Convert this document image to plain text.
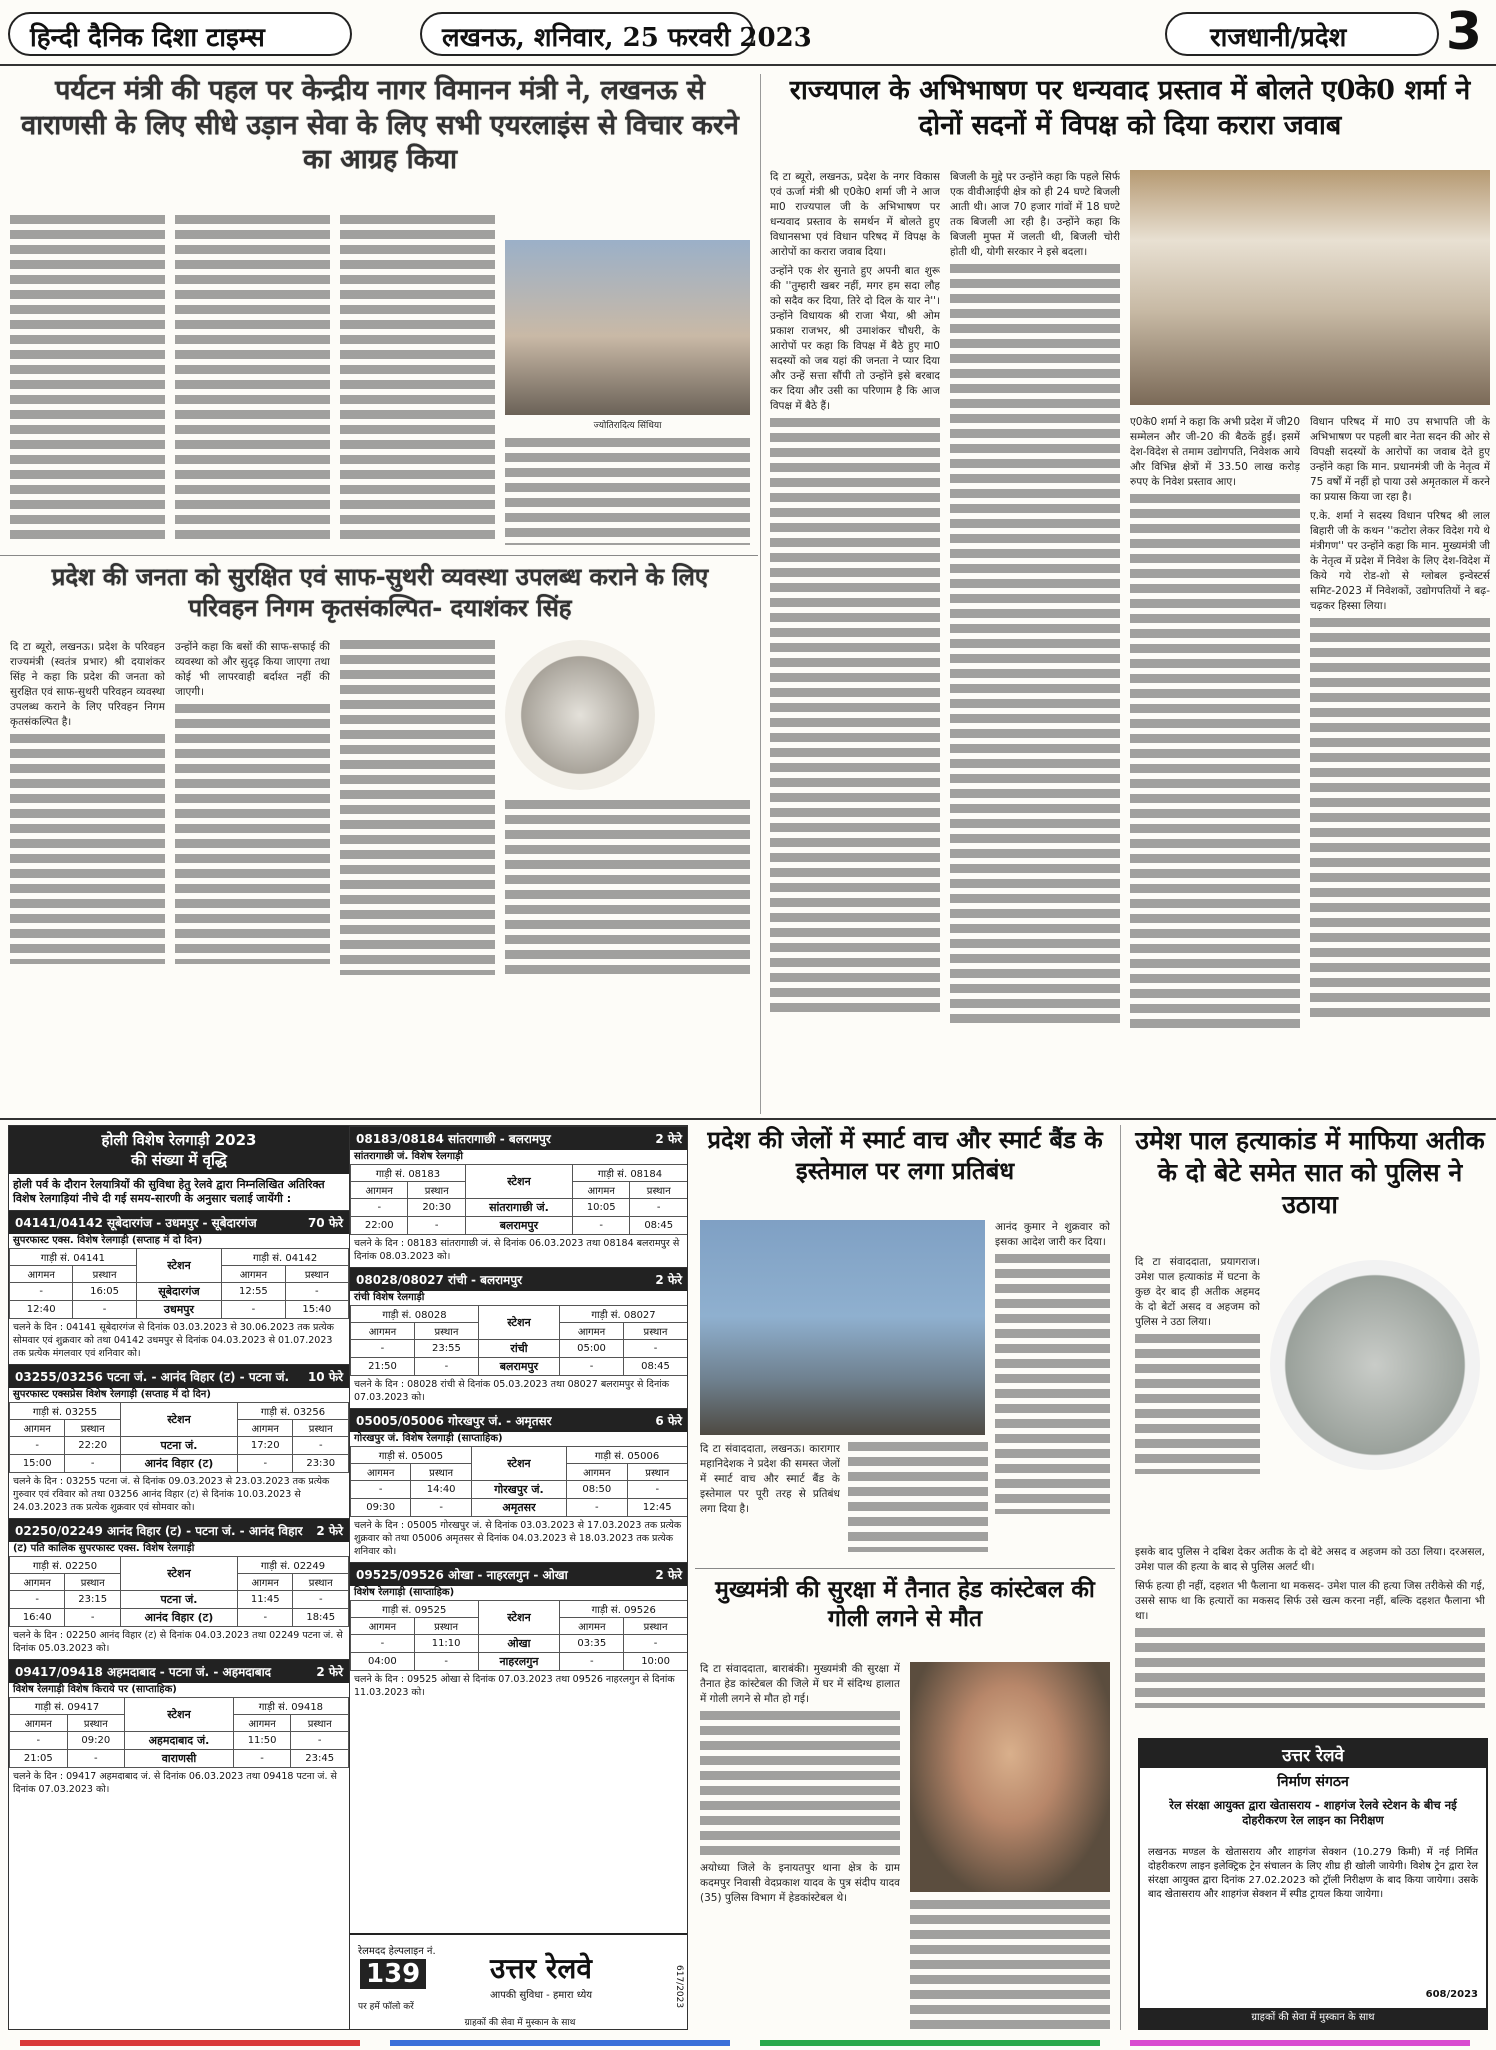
हिन्दी दैनिक दिशा टाइम्स	लखनऊ, शनिवार, 25 फरवरी 2023	राजधानी/प्रदेश 3
पर्यटन मंत्री की पहल पर केन्द्रीय नागर विमानन मंत्री ने, लखनऊ से वाराणसी के लिए सीधे उड़ान सेवा के लिए सभी एयरलाइंस से विचार करने का आग्रह किया
ज्योतिरादित्य सिंधिया
प्रदेश की जनता को सुरक्षित एवं साफ-सुथरी व्यवस्था उपलब्ध कराने के लिए परिवहन निगम कृतसंकल्पित- दयाशंकर सिंह

दि टा ब्यूरो, लखनऊ। प्रदेश के परिवहन राज्यमंत्री (स्वतंत्र प्रभार) श्री दयाशंकर सिंह ने कहा कि प्रदेश की जनता को सुरक्षित एवं साफ-सुथरी परिवहन व्यवस्था उपलब्ध कराने के लिए परिवहन निगम कृतसंकल्पित है।

उन्होंने कहा कि बसों की साफ-सफाई की व्यवस्था को और सुदृढ़ किया जाएगा तथा कोई भी लापरवाही बर्दाश्त नहीं की जाएगी।

राज्यपाल के अभिभाषण पर धन्यवाद प्रस्ताव में बोलते ए0के0 शर्मा ने दोनों सदनों में विपक्ष को दिया करारा जवाब

दि टा ब्यूरो, लखनऊ, प्रदेश के नगर विकास एवं ऊर्जा मंत्री श्री ए0के0 शर्मा जी ने आज मा0 राज्यपाल जी के अभिभाषण पर धन्यवाद प्रस्ताव के समर्थन में बोलते हुए विधानसभा एवं विधान परिषद में विपक्ष के आरोपों का करारा जवाब दिया।

उन्होंने एक शेर सुनाते हुए अपनी बात शुरू की ''तुम्हारी खबर नहीं, मगर हम सदा लौह को सदैव कर दिया, तिरे दो दिल के यार ने''। उन्होंने विधायक श्री राजा भैया, श्री ओम प्रकाश राजभर, श्री उमाशंकर चौधरी, के आरोपों पर कहा कि विपक्ष में बैठे हुए मा0 सदस्यों को जब यहां की जनता ने प्यार दिया और उन्हें सत्ता सौंपी तो उन्होंने इसे बरबाद कर दिया और उसी का परिणाम है कि आज विपक्ष में बैठे हैं।

बिजली के मुद्दे पर उन्होंने कहा कि पहले सिर्फ एक वीवीआईपी क्षेत्र को ही 24 घण्टे बिजली आती थी। आज 70 हजार गांवों में 18 घण्टे तक बिजली आ रही है। उन्होंने कहा कि बिजली मुफ्त में जलती थी, बिजली चोरी होती थी, योगी सरकार ने इसे बदला।

ए0के0 शर्मा ने कहा कि अभी प्रदेश में जी20 सम्मेलन और जी-20 की बैठकें हुईं। इसमें देश-विदेश से तमाम उद्योगपति, निवेशक आये और विभिन्न क्षेत्रों में 33.50 लाख करोड़ रुपए के निवेश प्रस्ताव आए।

विधान परिषद में मा0 उप सभापति जी के अभिभाषण पर पहली बार नेता सदन की ओर से विपक्षी सदस्यों के आरोपों का जवाब देते हुए उन्होंने कहा कि मान. प्रधानमंत्री जी के नेतृत्व में 75 वर्षों में नहीं हो पाया उसे अमृतकाल में करने का प्रयास किया जा रहा है।

ए.के. शर्मा ने सदस्य विधान परिषद श्री लाल बिहारी जी के कथन ''कटोरा लेकर विदेश गये थे मंत्रीगण'' पर उन्होंने कहा कि मान. मुख्यमंत्री जी के नेतृत्व में प्रदेश में निवेश के लिए देश-विदेश में किये गये रोड-शो से ग्लोबल इन्वेस्टर्स समिट-2023 में निवेशकों, उद्योगपतियों ने बढ़-चढ़कर हिस्सा लिया।

होली विशेष रेलगाड़ी 2023
की संख्या में वृद्धि
होली पर्व के दौरान रेलयात्रियों की सुविधा हेतु रेलवे द्वारा निम्नलिखित अतिरिक्त विशेष रेलगाड़ियां नीचे दी गई समय-सारणी के अनुसार चलाई जायेंगी :
04141/04142 सूबेदारगंज - उधमपुर - सूबेदारगंज	70 फेरे
सुपरफास्ट एक्स. विशेष रेलगाड़ी (सप्ताह में दो दिन)
गाड़ी सं. 04141		स्टेशन	गाड़ी सं. 04142	
आगमन	प्रस्थान		आगमन	प्रस्थान
-	16:05	सूबेदारगंज	12:55	-
12:40	-	उधमपुर	-	15:40
चलने के दिन : 04141 सूबेदारगंज से दिनांक 03.03.2023 से 30.06.2023 तक प्रत्येक सोमवार एवं शुक्रवार को तथा 04142 उधमपुर से दिनांक 04.03.2023 से 01.07.2023 तक प्रत्येक मंगलवार एवं शनिवार को।
03255/03256 पटना जं. - आनंद विहार (ट) - पटना जं. 10 फेरे
सुपरफास्ट एक्सप्रेस विशेष रेलगाड़ी (सप्ताह में दो दिन)
गाड़ी सं. 03255		स्टेशन	गाड़ी सं. 03256	
आगमन	प्रस्थान		आगमन	प्रस्थान
-	22:20	पटना जं.	17:20	-
15:00	-	आनंद विहार (ट)	-	23:30
चलने के दिन : 03255 पटना जं. से दिनांक 09.03.2023 से 23.03.2023 तक प्रत्येक गुरुवार एवं रविवार को तथा 03256 आनंद विहार (ट) से दिनांक 10.03.2023 से 24.03.2023 तक प्रत्येक शुक्रवार एवं सोमवार को।
02250/02249 आनंद विहार (ट) - पटना जं. - आनंद विहार 2 फेरे
(ट) पति कालिक सुपरफास्ट एक्स. विशेष रेलगाड़ी
गाड़ी सं. 02250		स्टेशन	गाड़ी सं. 02249	
आगमन	प्रस्थान		आगमन	प्रस्थान
-	23:15	पटना जं.	11:45	-
16:40	-	आनंद विहार (ट)	-	18:45
चलने के दिन : 02250 आनंद विहार (ट) से दिनांक 04.03.2023 तथा 02249 पटना जं. से दिनांक 05.03.2023 को।
09417/09418 अहमदाबाद - पटना जं. - अहमदाबाद	2 फेरे
विशेष रेलगाड़ी विशेष किराये पर (साप्ताहिक)
गाड़ी सं. 09417		स्टेशन	गाड़ी सं. 09418	
आगमन	प्रस्थान		आगमन	प्रस्थान
-	09:20	अहमदाबाद जं.	11:50	-
21:05	-	वाराणसी	-	23:45
चलने के दिन : 09417 अहमदाबाद जं. से दिनांक 06.03.2023 तथा 09418 पटना जं. से दिनांक 07.03.2023 को।
08183/08184 सांतरागाछी - बलरामपुर	2 फेरे
सांतरागाछी जं. विशेष रेलगाड़ी
गाड़ी सं. 08183		स्टेशन	गाड़ी सं. 08184	
आगमन	प्रस्थान		आगमन	प्रस्थान
-	20:30	सांतरागाछी जं.	10:05	-
22:00	-	बलरामपुर	-	08:45
चलने के दिन : 08183 सांतरागाछी जं. से दिनांक 06.03.2023 तथा 08184 बलरामपुर से दिनांक 08.03.2023 को।
08028/08027 रांची - बलरामपुर	2 फेरे
रांची विशेष रेलगाड़ी
गाड़ी सं. 08028		स्टेशन	गाड़ी सं. 08027	
आगमन	प्रस्थान		आगमन	प्रस्थान
-	23:55	रांची	05:00	-
21:50	-	बलरामपुर	-	08:45
चलने के दिन : 08028 रांची से दिनांक 05.03.2023 तथा 08027 बलरामपुर से दिनांक 07.03.2023 को।
05005/05006 गोरखपुर जं. - अमृतसर	6 फेरे
गोरखपुर जं. विशेष रेलगाड़ी (साप्ताहिक)
गाड़ी सं. 05005		स्टेशन	गाड़ी सं. 05006	
आगमन	प्रस्थान		आगमन	प्रस्थान
-	14:40	गोरखपुर जं.	08:50	-
09:30	-	अमृतसर	-	12:45
चलने के दिन : 05005 गोरखपुर जं. से दिनांक 03.03.2023 से 17.03.2023 तक प्रत्येक शुक्रवार को तथा 05006 अमृतसर से दिनांक 04.03.2023 से 18.03.2023 तक प्रत्येक शनिवार को।
09525/09526 ओखा - नाहरलगुन - ओखा	2 फेरे
विशेष रेलगाड़ी (साप्ताहिक)
गाड़ी सं. 09525		स्टेशन	गाड़ी सं. 09526	
आगमन	प्रस्थान		आगमन	प्रस्थान
-	11:10	ओखा	03:35	-
04:00	-	नाहरलगुन	-	10:00
चलने के दिन : 09525 ओखा से दिनांक 07.03.2023 तथा 09526 नाहरलगुन से दिनांक 11.03.2023 को।
रेलमदद हेल्पलाइन नं.
139
पर हमें फॉलो करें
उत्तर रेलवे
आपकी सुविधा - हमारा ध्येय
ग्राहकों की सेवा में मुस्कान के साथ
617/2023
प्रदेश की जेलों में स्मार्ट वाच और स्मार्ट बैंड के इस्तेमाल पर लगा प्रतिबंध

आनंद कुमार ने शुक्रवार को इसका आदेश जारी कर दिया।

दि टा संवाददाता, लखनऊ। कारागार महानिदेशक ने प्रदेश की समस्त जेलों में स्मार्ट वाच और स्मार्ट बैंड के इस्तेमाल पर पूरी तरह से प्रतिबंध लगा दिया है।

मुख्यमंत्री की सुरक्षा में तैनात हेड कांस्टेबल की गोली लगने से मौत

दि टा संवाददाता, बाराबंकी। मुख्यमंत्री की सुरक्षा में तैनात हेड कांस्टेबल की जिले में घर में संदिग्ध हालात में गोली लगने से मौत हो गई।

अयोध्या जिले के इनायतपुर थाना क्षेत्र के ग्राम कदमपुर निवासी वेदप्रकाश यादव के पुत्र संदीप यादव (35) पुलिस विभाग में हेडकांस्टेबल थे।

उमेश पाल हत्याकांड में माफिया अतीक के दो बेटे समेत सात को पुलिस ने उठाया

दि टा संवाददाता, प्रयागराज। उमेश पाल हत्याकांड में घटना के कुछ देर बाद ही अतीक अहमद के दो बेटों असद व अहजम को पुलिस ने उठा लिया।

इसके बाद पुलिस ने दबिश देकर अतीक के दो बेटे असद व अहजम को उठा लिया। दरअसल, उमेश पाल की हत्या के बाद से पुलिस अलर्ट थी।

सिर्फ हत्या ही नहीं, दहशत भी फैलाना था मकसद- उमेश पाल की हत्या जिस तरीकेसे की गई, उससे साफ था कि हत्यारों का मकसद सिर्फ उसे खत्म करना नहीं, बल्कि दहशत फैलाना भी था।

उत्तर रेलवे
निर्माण संगठन
रेल संरक्षा आयुक्त द्वारा खेतासराय - शाहगंज रेलवे स्टेशन के बीच नई दोहरीकरण रेल लाइन का निरीक्षण
लखनऊ मण्डल के खेतासराय और शाहगंज सेक्शन (10.279 किमी) में नई निर्मित दोहरीकरण लाइन इलेक्ट्रिक ट्रेन संचालन के लिए शीघ्र ही खोली जायेगी। विशेष ट्रेन द्वारा रेल संरक्षा आयुक्त द्वारा दिनांक 27.02.2023 को ट्रॉली निरीक्षण के बाद किया जायेगा। उसके बाद खेतासराय और शाहगंज सेक्शन में स्पीड ट्रायल किया जायेगा।
608/2023
ग्राहकों की सेवा में मुस्कान के साथ
